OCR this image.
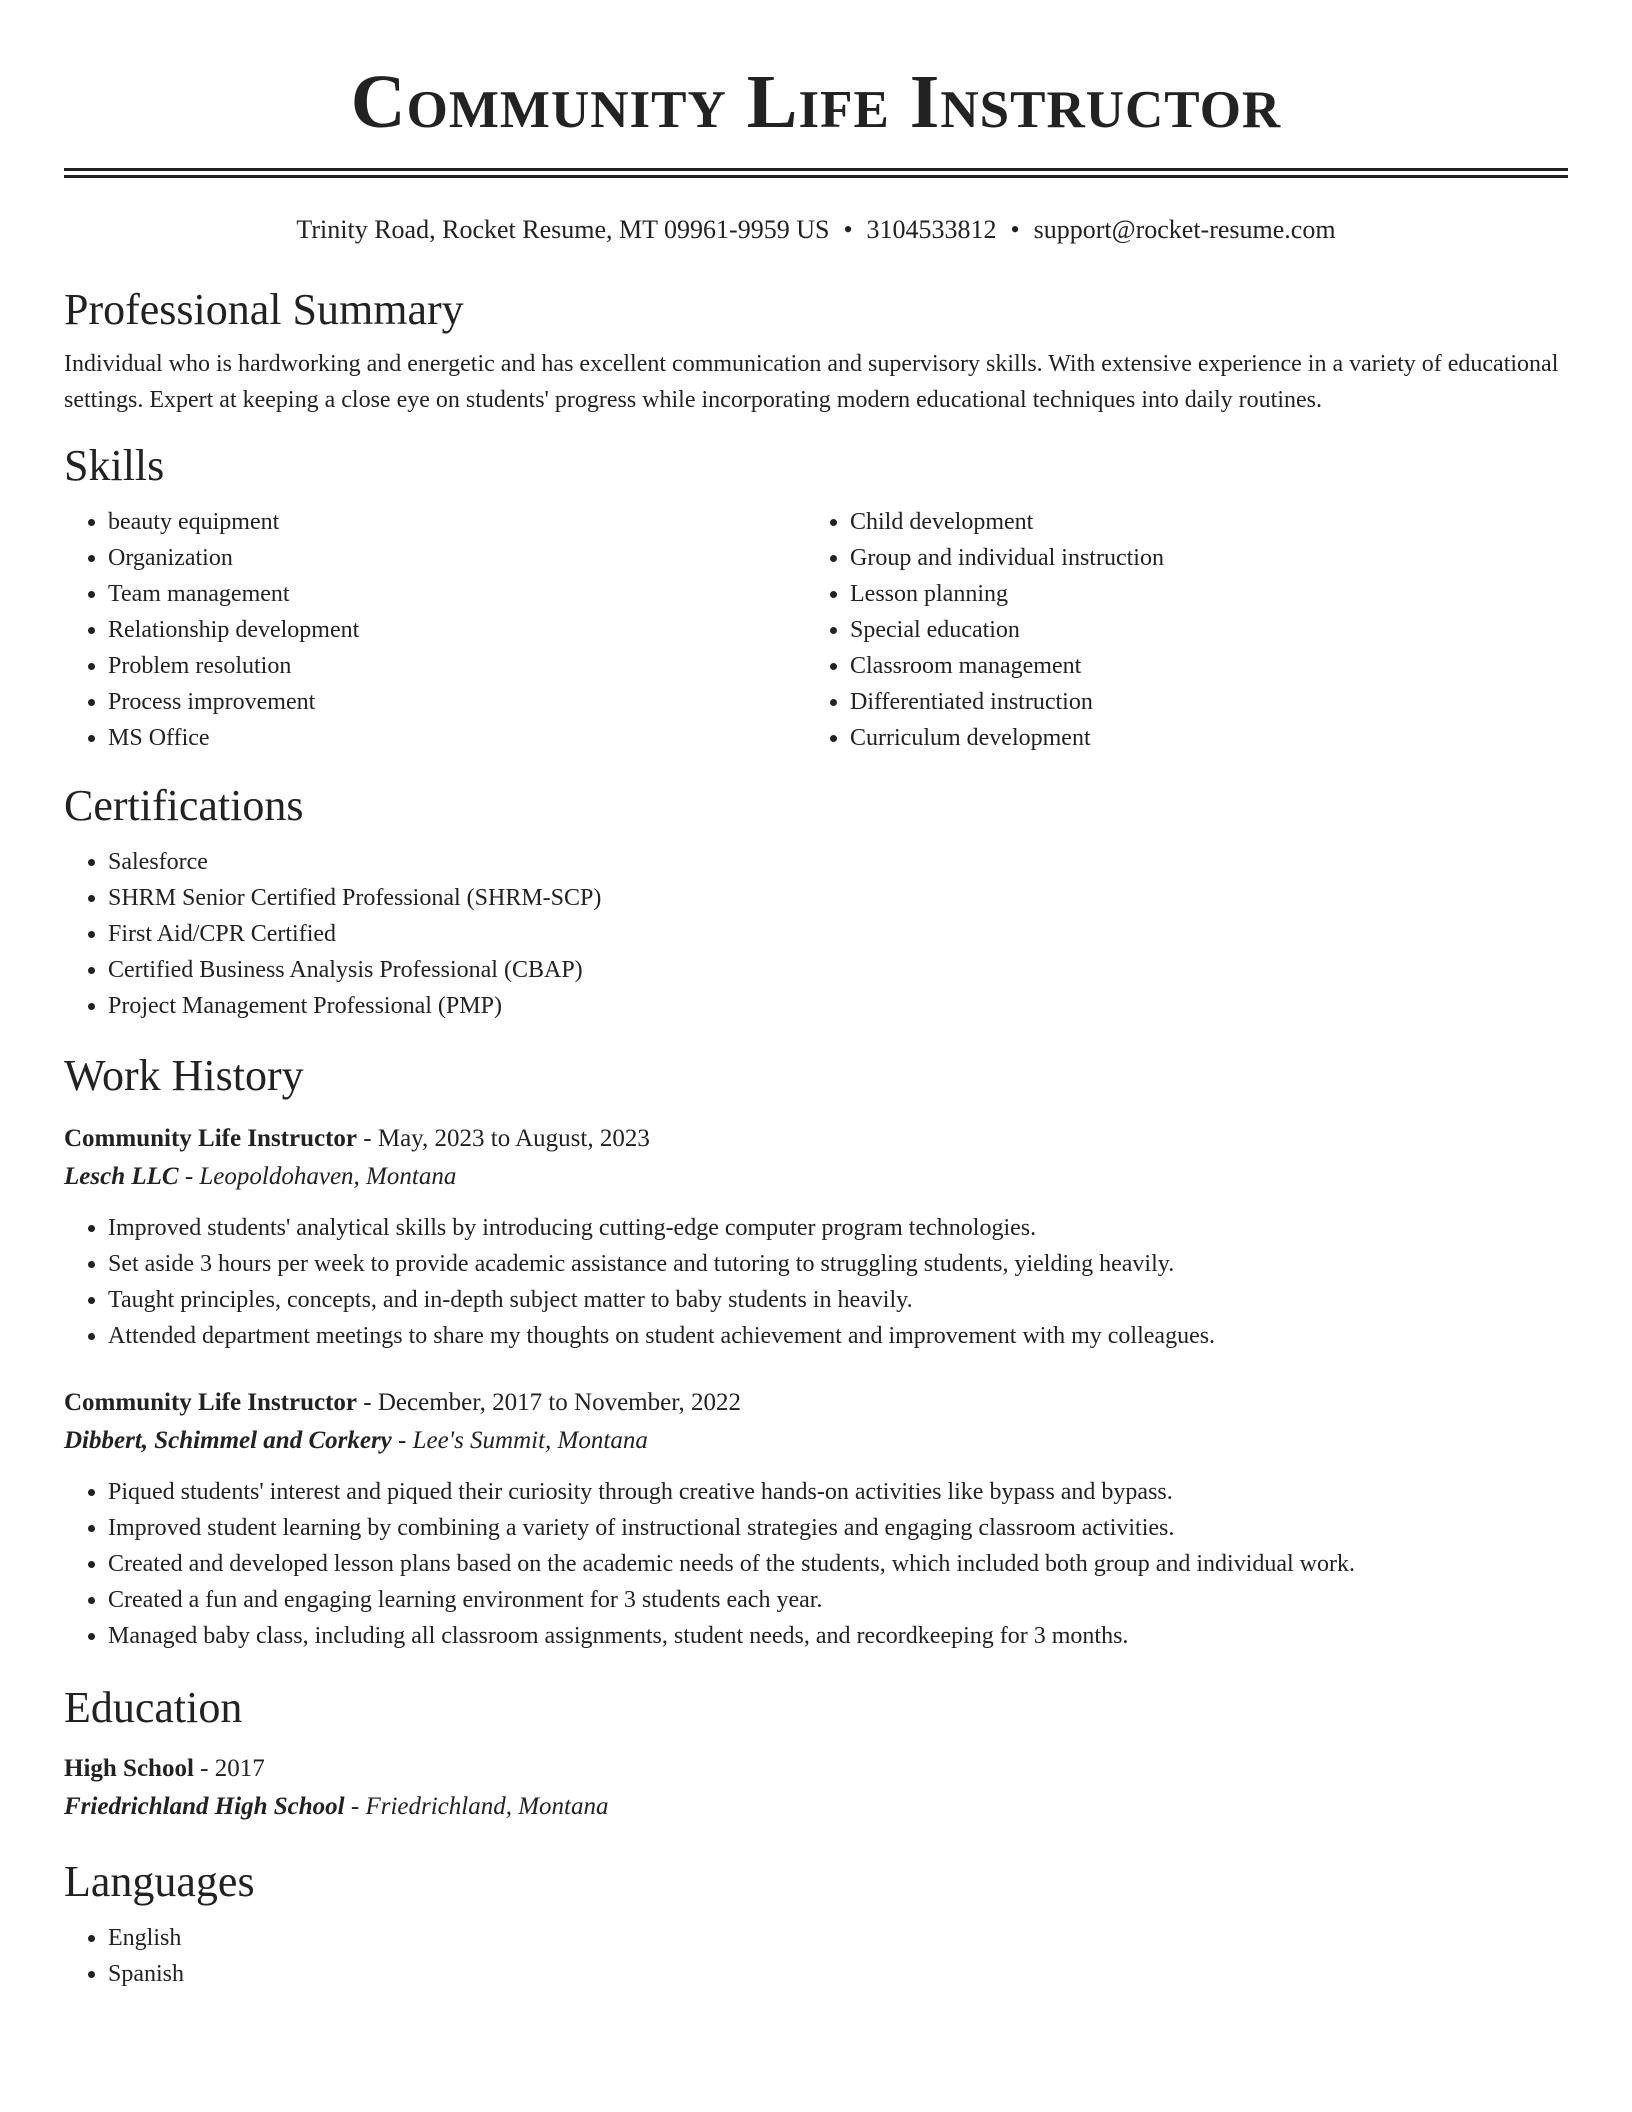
Community Life Instructor
Trinity Road, Rocket Resume, MT 09961-9959 US • 3104533812 • support@rocket-resume.com
Professional Summary

Individual who is hardworking and energetic and has excellent communication and supervisory skills. With extensive experience in a variety of educational settings. Expert at keeping a close eye on students' progress while incorporating modern educational techniques into daily routines.

Skills
• beauty equipment
• Organization
• Team management
• Relationship development
• Problem resolution
• Process improvement
• MS Office
• Child development
• Group and individual instruction
• Lesson planning
• Special education
• Classroom management
• Differentiated instruction
• Curriculum development
Certifications
• Salesforce
• SHRM Senior Certified Professional (SHRM-SCP)
• First Aid/CPR Certified
• Certified Business Analysis Professional (CBAP)
• Project Management Professional (PMP)
Work History
Community Life Instructor - May, 2023 to August, 2023
Lesch LLC - Leopoldohaven, Montana
• Improved students' analytical skills by introducing cutting-edge computer program technologies.
• Set aside 3 hours per week to provide academic assistance and tutoring to struggling students, yielding heavily.
• Taught principles, concepts, and in-depth subject matter to baby students in heavily.
• Attended department meetings to share my thoughts on student achievement and improvement with my colleagues.
Community Life Instructor - December, 2017 to November, 2022
Dibbert, Schimmel and Corkery - Lee's Summit, Montana
• Piqued students' interest and piqued their curiosity through creative hands-on activities like bypass and bypass.
• Improved student learning by combining a variety of instructional strategies and engaging classroom activities.
• Created and developed lesson plans based on the academic needs of the students, which included both group and individual work.
• Created a fun and engaging learning environment for 3 students each year.
• Managed baby class, including all classroom assignments, student needs, and recordkeeping for 3 months.
Education
High School - 2017
Friedrichland High School - Friedrichland, Montana
Languages
• English
• Spanish
